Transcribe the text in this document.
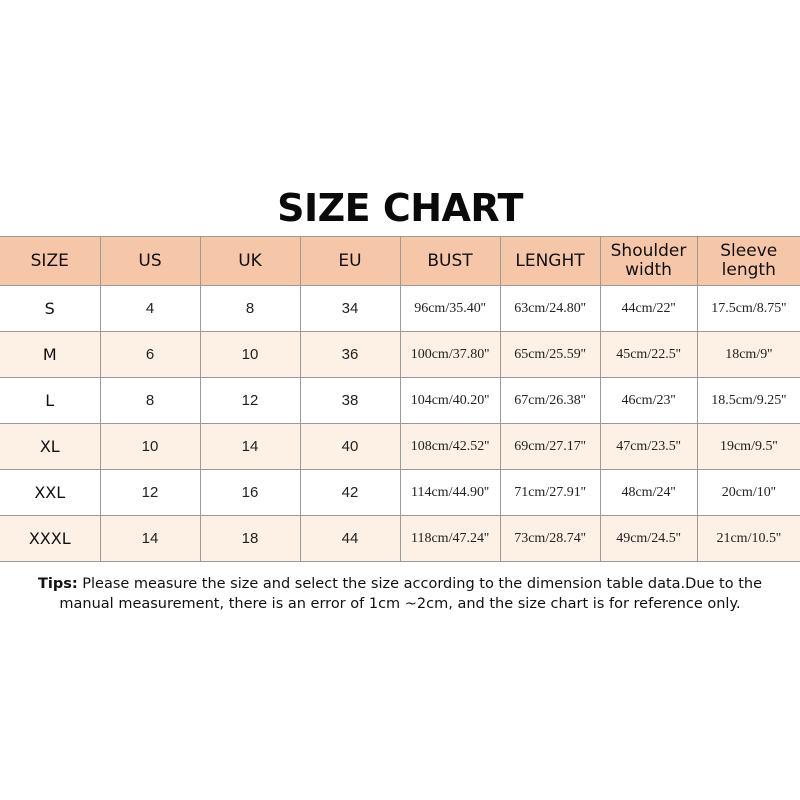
SIZE CHART
SIZE	US	UK	EU	BUST	LENGHT	Shoulder width	Sleeve length
S	4	8	34	96cm/35.40''	63cm/24.80''	44cm/22''	17.5cm/8.75''
M	6	10	36	100cm/37.80''	65cm/25.59''	45cm/22.5''	18cm/9''
L	8	12	38	104cm/40.20''	67cm/26.38''	46cm/23''	18.5cm/9.25''
XL	10	14	40	108cm/42.52''	69cm/27.17''	47cm/23.5''	19cm/9.5''
XXL	12	16	42	114cm/44.90''	71cm/27.91''	48cm/24''	20cm/10''
XXXL	14	18	44	118cm/47.24''	73cm/28.74''	49cm/24.5''	21cm/10.5''
Tips: Please measure the size and select the size according to the dimension table data.Due to the manual measurement, there is an error of 1cm ~2cm, and the size chart is for reference only.
